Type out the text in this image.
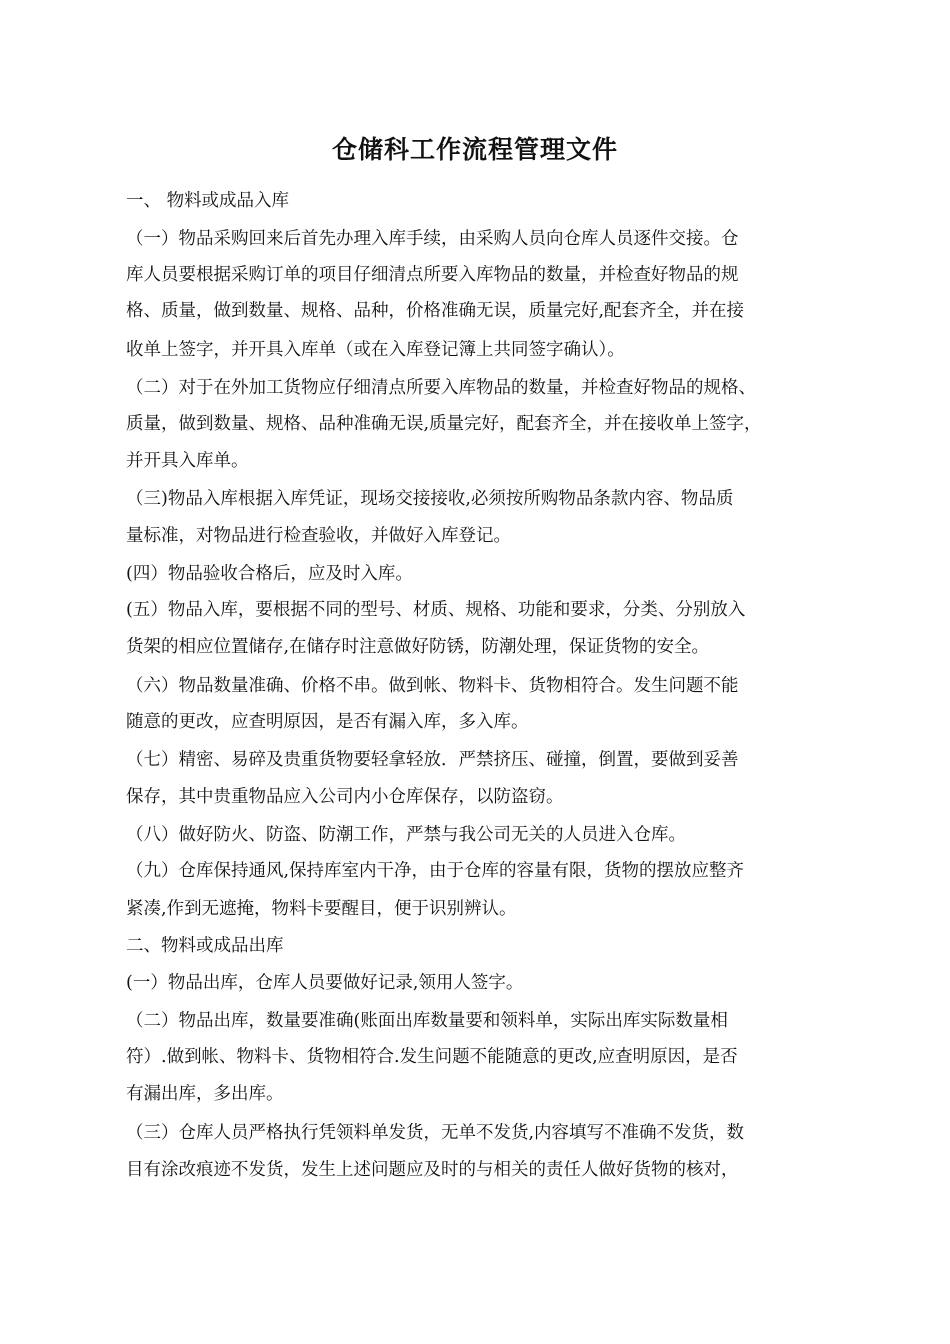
仓储科工作流程管理文件
一、 物料或成品入库
（一）物品采购回来后首先办理入库手续，由采购人员向仓库人员逐件交接。仓
库人员要根据采购订单的项目仔细清点所要入库物品的数量，并检查好物品的规
格、质量，做到数量、规格、品种，价格准确无误，质量完好,配套齐全，并在接
收单上签字，并开具入库单（或在入库登记簿上共同签字确认）。
（二）对于在外加工货物应仔细清点所要入库物品的数量，并检查好物品的规格、
质量，做到数量、规格、品种准确无误,质量完好，配套齐全，并在接收单上签字，
并开具入库单。
（三)物品入库根据入库凭证，现场交接接收,必须按所购物品条款内容、物品质
量标准，对物品进行检查验收，并做好入库登记。
(四）物品验收合格后，应及时入库。
(五）物品入库，要根据不同的型号、材质、规格、功能和要求，分类、分别放入
货架的相应位置储存,在储存时注意做好防锈，防潮处理，保证货物的安全。
（六）物品数量准确、价格不串。做到帐、物料卡、货物相符合。发生问题不能
随意的更改，应查明原因，是否有漏入库，多入库。
（七）精密、易碎及贵重货物要轻拿轻放．严禁挤压、碰撞，倒置，要做到妥善
保存，其中贵重物品应入公司内小仓库保存，以防盗窃。
（八）做好防火、防盗、防潮工作，严禁与我公司无关的人员进入仓库。
（九）仓库保持通风,保持库室内干净，由于仓库的容量有限，货物的摆放应整齐
紧凑,作到无遮掩，物料卡要醒目，便于识别辨认。
二、物料或成品出库
(一）物品出库，仓库人员要做好记录,领用人签字。
（二）物品出库，数量要准确(账面出库数量要和领料单，实际出库实际数量相
符）.做到帐、物料卡、货物相符合.发生问题不能随意的更改,应查明原因，是否
有漏出库，多出库。
（三）仓库人员严格执行凭领料单发货，无单不发货,内容填写不准确不发货，数
目有涂改痕迹不发货，发生上述问题应及时的与相关的责任人做好货物的核对，
